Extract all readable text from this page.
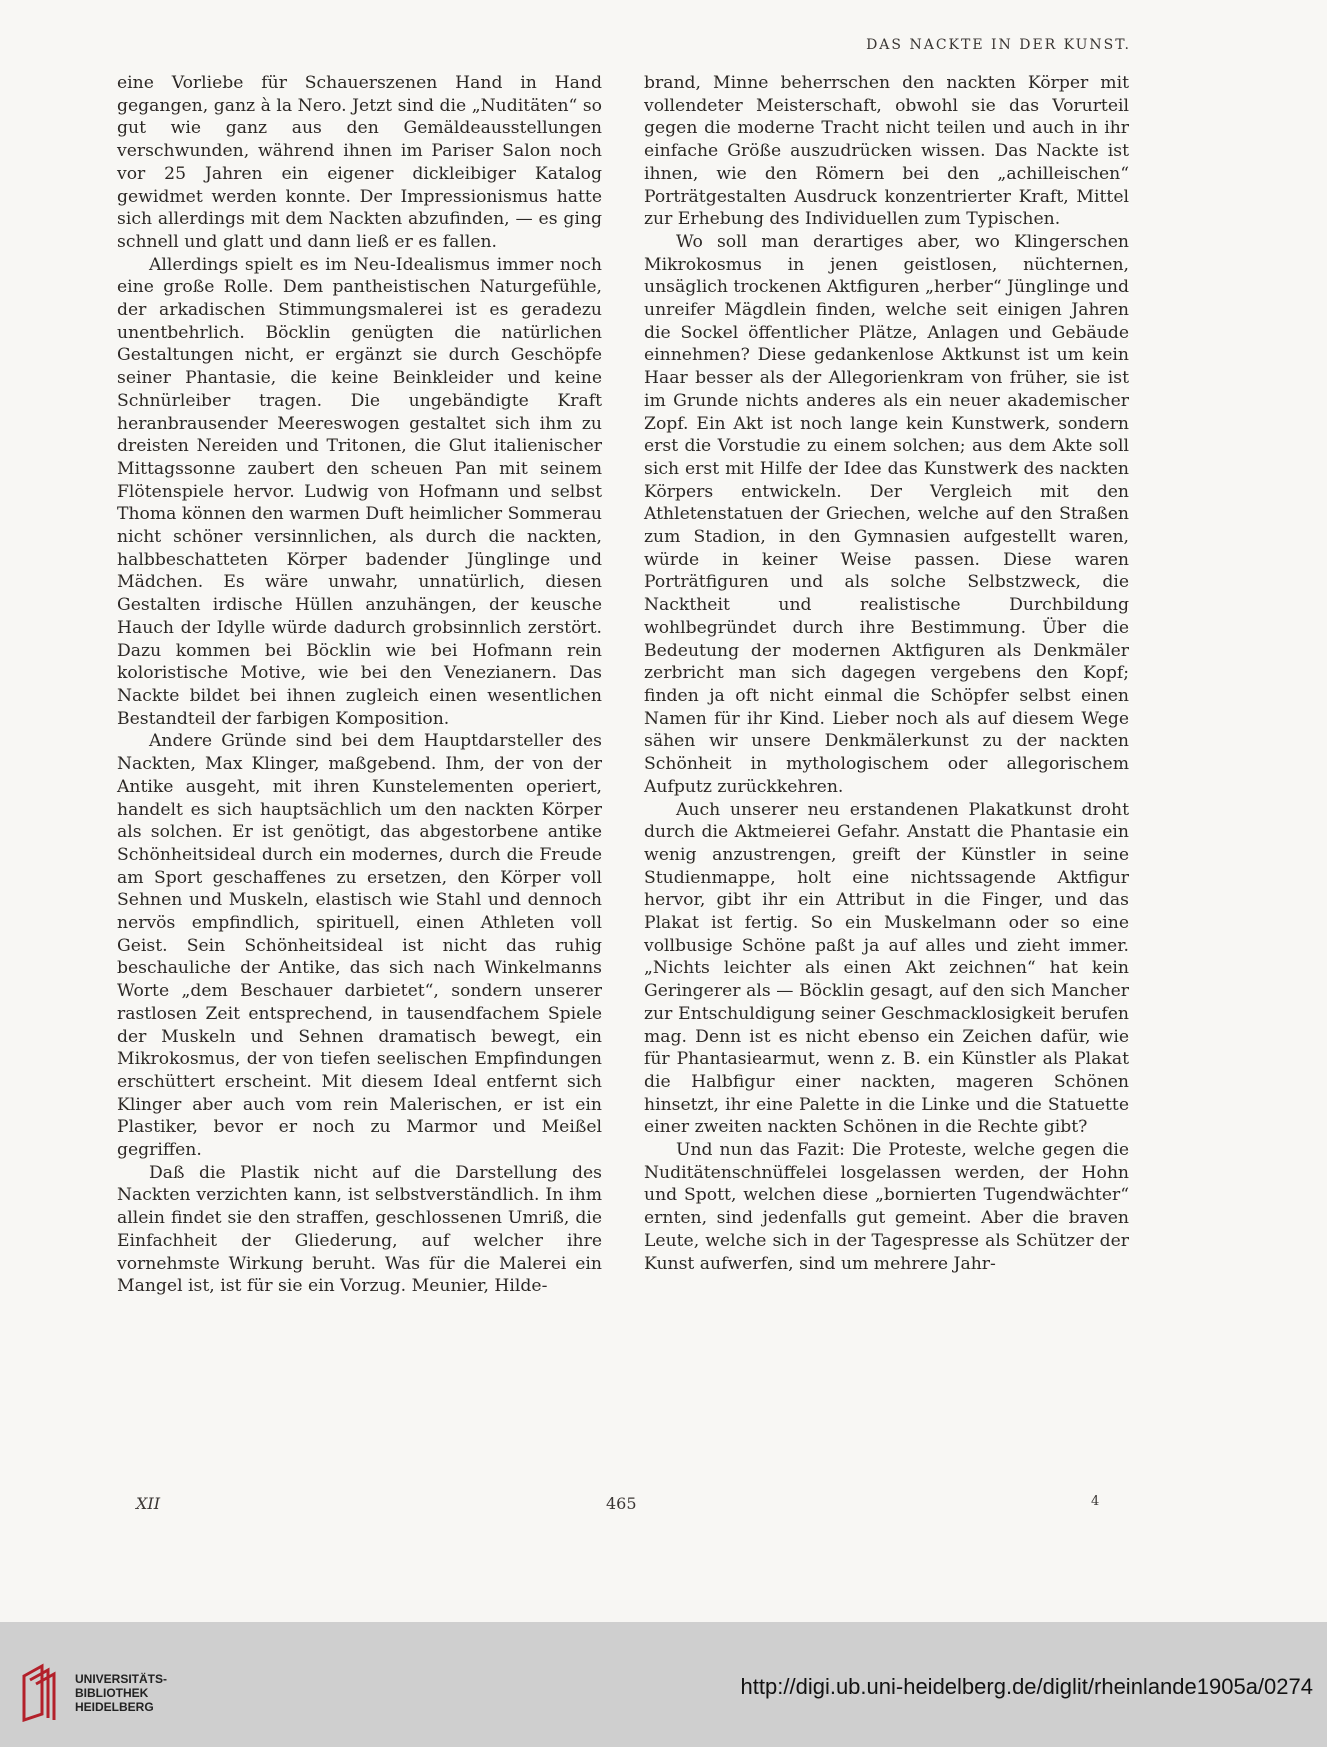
DAS NACKTE IN DER KUNST.

eine Vorliebe für Schauerszenen Hand in Hand gegangen, ganz à la Nero. Jetzt sind die „Nuditäten“ so gut wie ganz aus den Gemäldeausstellungen verschwunden, während ihnen im Pariser Salon noch vor 25 Jahren ein eigener dickleibiger Katalog gewidmet werden konnte. Der Impressionismus hatte sich allerdings mit dem Nackten abzufinden, — es ging schnell und glatt und dann ließ er es fallen.

Allerdings spielt es im Neu-Idealismus immer noch eine große Rolle. Dem pantheistischen Naturgefühle, der arkadischen Stimmungsmalerei ist es geradezu unentbehrlich. Böcklin genügten die natürlichen Gestaltungen nicht, er ergänzt sie durch Geschöpfe seiner Phantasie, die keine Beinkleider und keine Schnürleiber tragen. Die ungebändigte Kraft heranbrausender Meereswogen gestaltet sich ihm zu dreisten Nereiden und Tritonen, die Glut italienischer Mittagssonne zaubert den scheuen Pan mit seinem Flötenspiele hervor. Ludwig von Hofmann und selbst Thoma können den warmen Duft heimlicher Sommerau nicht schöner versinnlichen, als durch die nackten, halbbeschatteten Körper badender Jünglinge und Mädchen. Es wäre unwahr, unnatürlich, diesen Gestalten irdische Hüllen anzuhängen, der keusche Hauch der Idylle würde dadurch grobsinnlich zerstört. Dazu kommen bei Böcklin wie bei Hofmann rein koloristische Motive, wie bei den Venezianern. Das Nackte bildet bei ihnen zugleich einen wesentlichen Bestandteil der farbigen Komposition.

Andere Gründe sind bei dem Hauptdarsteller des Nackten, Max Klinger, maßgebend. Ihm, der von der Antike ausgeht, mit ihren Kunstelementen operiert, handelt es sich hauptsächlich um den nackten Körper als solchen. Er ist genötigt, das abgestorbene antike Schönheitsideal durch ein modernes, durch die Freude am Sport geschaffenes zu ersetzen, den Körper voll Sehnen und Muskeln, elastisch wie Stahl und dennoch nervös empfindlich, spirituell, einen Athleten voll Geist. Sein Schönheitsideal ist nicht das ruhig beschauliche der Antike, das sich nach Winkelmanns Worte „dem Beschauer darbietet“, sondern unserer rastlosen Zeit entsprechend, in tausendfachem Spiele der Muskeln und Sehnen dramatisch bewegt, ein Mikrokosmus, der von tiefen seelischen Empfindungen erschüttert erscheint. Mit diesem Ideal entfernt sich Klinger aber auch vom rein Malerischen, er ist ein Plastiker, bevor er noch zu Marmor und Meißel gegriffen.

Daß die Plastik nicht auf die Darstellung des Nackten verzichten kann, ist selbstverständlich. In ihm allein findet sie den straffen, geschlossenen Umriß, die Einfachheit der Gliederung, auf welcher ihre vornehmste Wirkung beruht. Was für die Malerei ein Mangel ist, ist für sie ein Vorzug. Meunier, Hilde-

brand, Minne beherrschen den nackten Körper mit vollendeter Meisterschaft, obwohl sie das Vorurteil gegen die moderne Tracht nicht teilen und auch in ihr einfache Größe auszudrücken wissen. Das Nackte ist ihnen, wie den Römern bei den „achilleischen“ Porträtgestalten Ausdruck konzentrierter Kraft, Mittel zur Erhebung des Individuellen zum Typischen.

Wo soll man derartiges aber, wo Klingerschen Mikrokosmus in jenen geistlosen, nüchternen, unsäglich trockenen Aktfiguren „herber“ Jünglinge und unreifer Mägdlein finden, welche seit einigen Jahren die Sockel öffentlicher Plätze, Anlagen und Gebäude einnehmen? Diese gedankenlose Aktkunst ist um kein Haar besser als der Allegorienkram von früher, sie ist im Grunde nichts anderes als ein neuer akademischer Zopf. Ein Akt ist noch lange kein Kunstwerk, sondern erst die Vorstudie zu einem solchen; aus dem Akte soll sich erst mit Hilfe der Idee das Kunstwerk des nackten Körpers entwickeln. Der Vergleich mit den Athletenstatuen der Griechen, welche auf den Straßen zum Stadion, in den Gymnasien aufgestellt waren, würde in keiner Weise passen. Diese waren Porträtfiguren und als solche Selbstzweck, die Nacktheit und realistische Durchbildung wohlbegründet durch ihre Bestimmung. Über die Bedeutung der modernen Aktfiguren als Denkmäler zerbricht man sich dagegen vergebens den Kopf; finden ja oft nicht einmal die Schöpfer selbst einen Namen für ihr Kind. Lieber noch als auf diesem Wege sähen wir unsere Denkmälerkunst zu der nackten Schönheit in mythologischem oder allegorischem Aufputz zurückkehren.

Auch unserer neu erstandenen Plakatkunst droht durch die Aktmeierei Gefahr. Anstatt die Phantasie ein wenig anzustrengen, greift der Künstler in seine Studienmappe, holt eine nichtssagende Aktfigur hervor, gibt ihr ein Attribut in die Finger, und das Plakat ist fertig. So ein Muskelmann oder so eine vollbusige Schöne paßt ja auf alles und zieht immer. „Nichts leichter als einen Akt zeichnen“ hat kein Geringerer als — Böcklin gesagt, auf den sich Mancher zur Entschuldigung seiner Geschmacklosigkeit berufen mag. Denn ist es nicht ebenso ein Zeichen dafür, wie für Phantasiearmut, wenn z. B. ein Künstler als Plakat die Halbfigur einer nackten, mageren Schönen hinsetzt, ihr eine Palette in die Linke und die Statuette einer zweiten nackten Schönen in die Rechte gibt?

Und nun das Fazit: Die Proteste, welche gegen die Nuditätenschnüffelei losgelassen werden, der Hohn und Spott, welchen diese „bornierten Tugendwächter“ ernten, sind jedenfalls gut gemeint. Aber die braven Leute, welche sich in der Tagespresse als Schützer der Kunst aufwerfen, sind um mehrere Jahr-

XII	465	4
UNIVERSITÄTS-
BIBLIOTHEK
HEIDELBERG
http://digi.ub.uni-heidelberg.de/diglit/rheinlande1905a/0274
